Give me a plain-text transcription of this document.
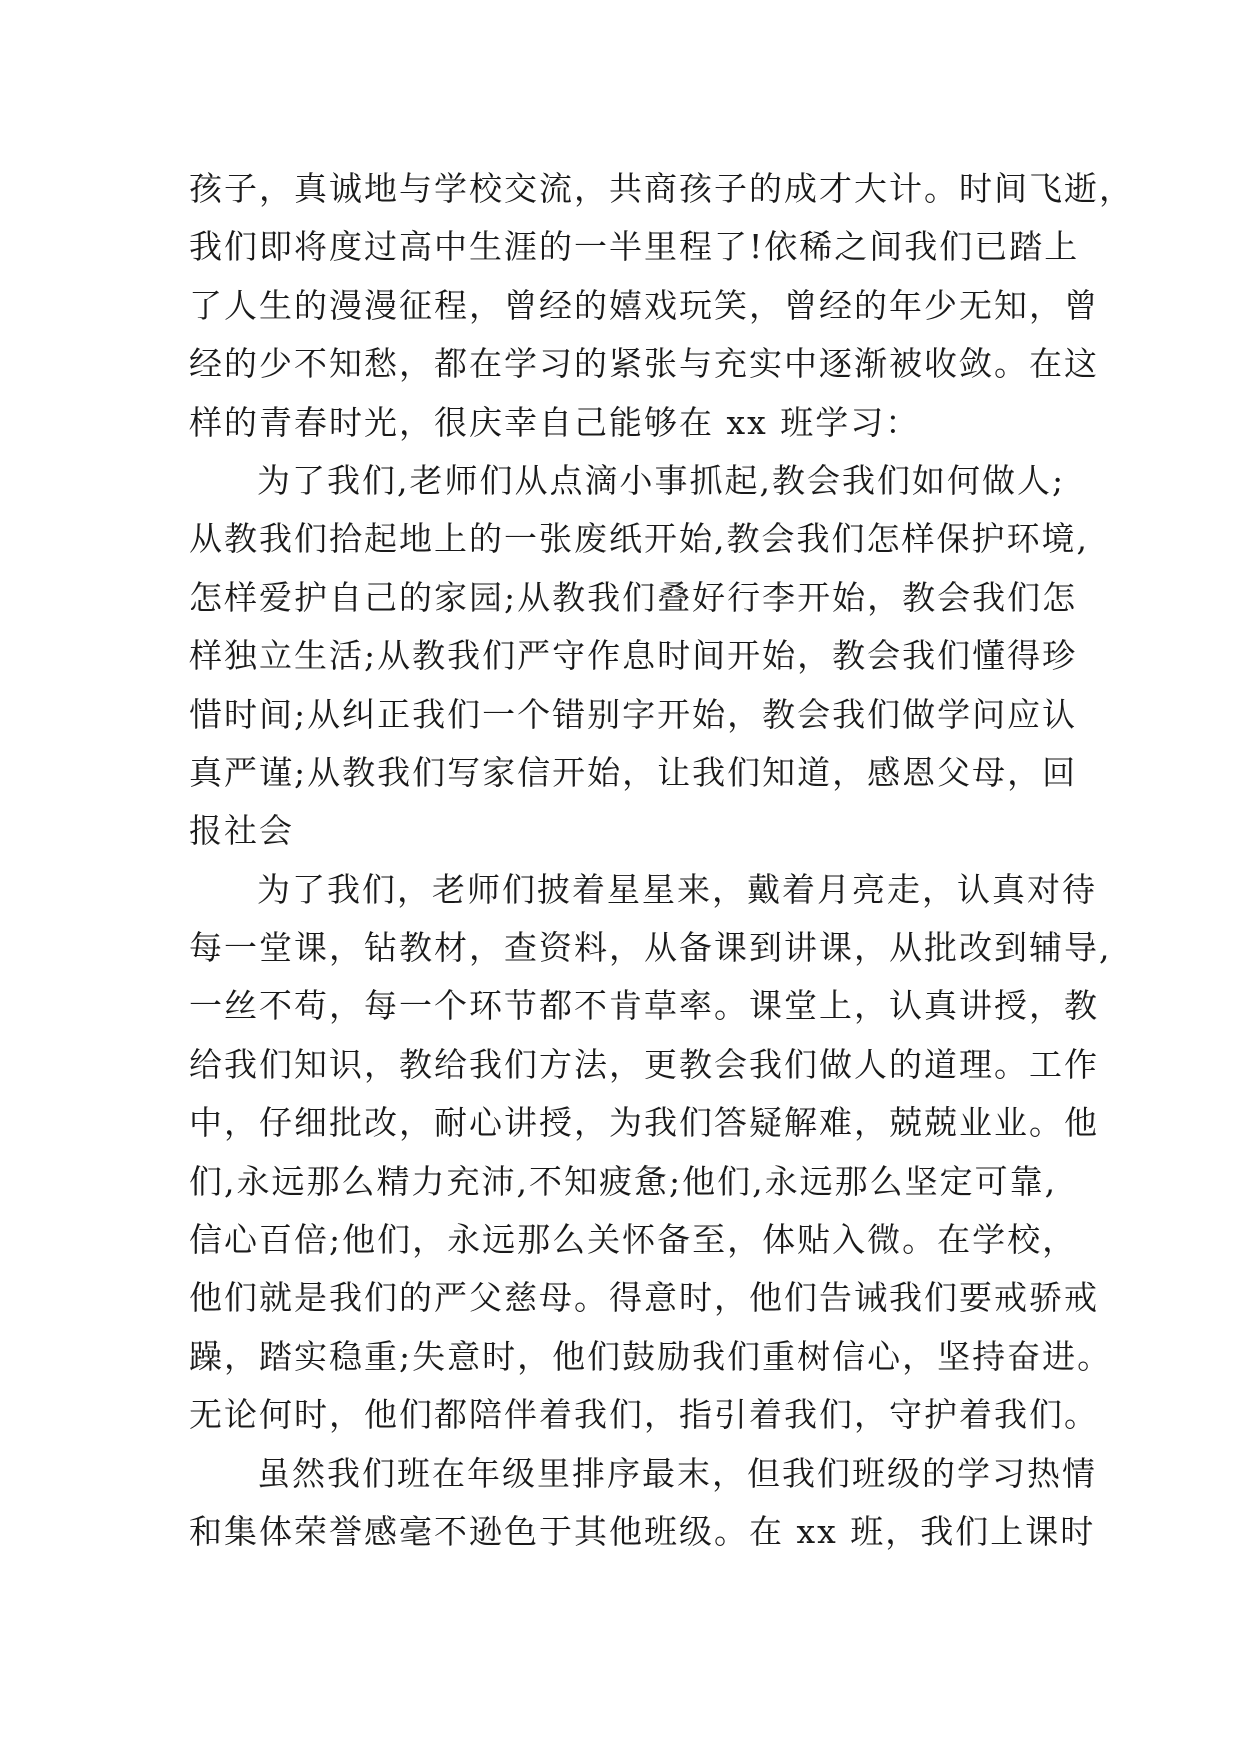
孩子，真诚地与学校交流，共商孩子的成才大计。时间飞逝，
我们即将度过高中生涯的一半里程了!依稀之间我们已踏上
了人生的漫漫征程，曾经的嬉戏玩笑，曾经的年少无知，曾
经的少不知愁，都在学习的紧张与充实中逐渐被收敛。在这
样的青春时光，很庆幸自己能够在 xx 班学习：
为了我们,老师们从点滴小事抓起,教会我们如何做人;
从教我们拾起地上的一张废纸开始,教会我们怎样保护环境,
怎样爱护自己的家园;从教我们叠好行李开始，教会我们怎
样独立生活;从教我们严守作息时间开始，教会我们懂得珍
惜时间;从纠正我们一个错别字开始，教会我们做学问应认
真严谨;从教我们写家信开始，让我们知道，感恩父母，回
报社会
为了我们，老师们披着星星来，戴着月亮走，认真对待
每一堂课，钻教材，查资料，从备课到讲课，从批改到辅导,
一丝不苟，每一个环节都不肯草率。课堂上，认真讲授，教
给我们知识，教给我们方法，更教会我们做人的道理。工作
中，仔细批改，耐心讲授，为我们答疑解难，兢兢业业。他
们,永远那么精力充沛,不知疲惫;他们,永远那么坚定可靠,
信心百倍;他们，永远那么关怀备至，体贴入微。在学校，
他们就是我们的严父慈母。得意时，他们告诫我们要戒骄戒
躁，踏实稳重;失意时，他们鼓励我们重树信心，坚持奋进。
无论何时，他们都陪伴着我们，指引着我们，守护着我们。
虽然我们班在年级里排序最末，但我们班级的学习热情
和集体荣誉感毫不逊色于其他班级。在 xx 班，我们上课时
